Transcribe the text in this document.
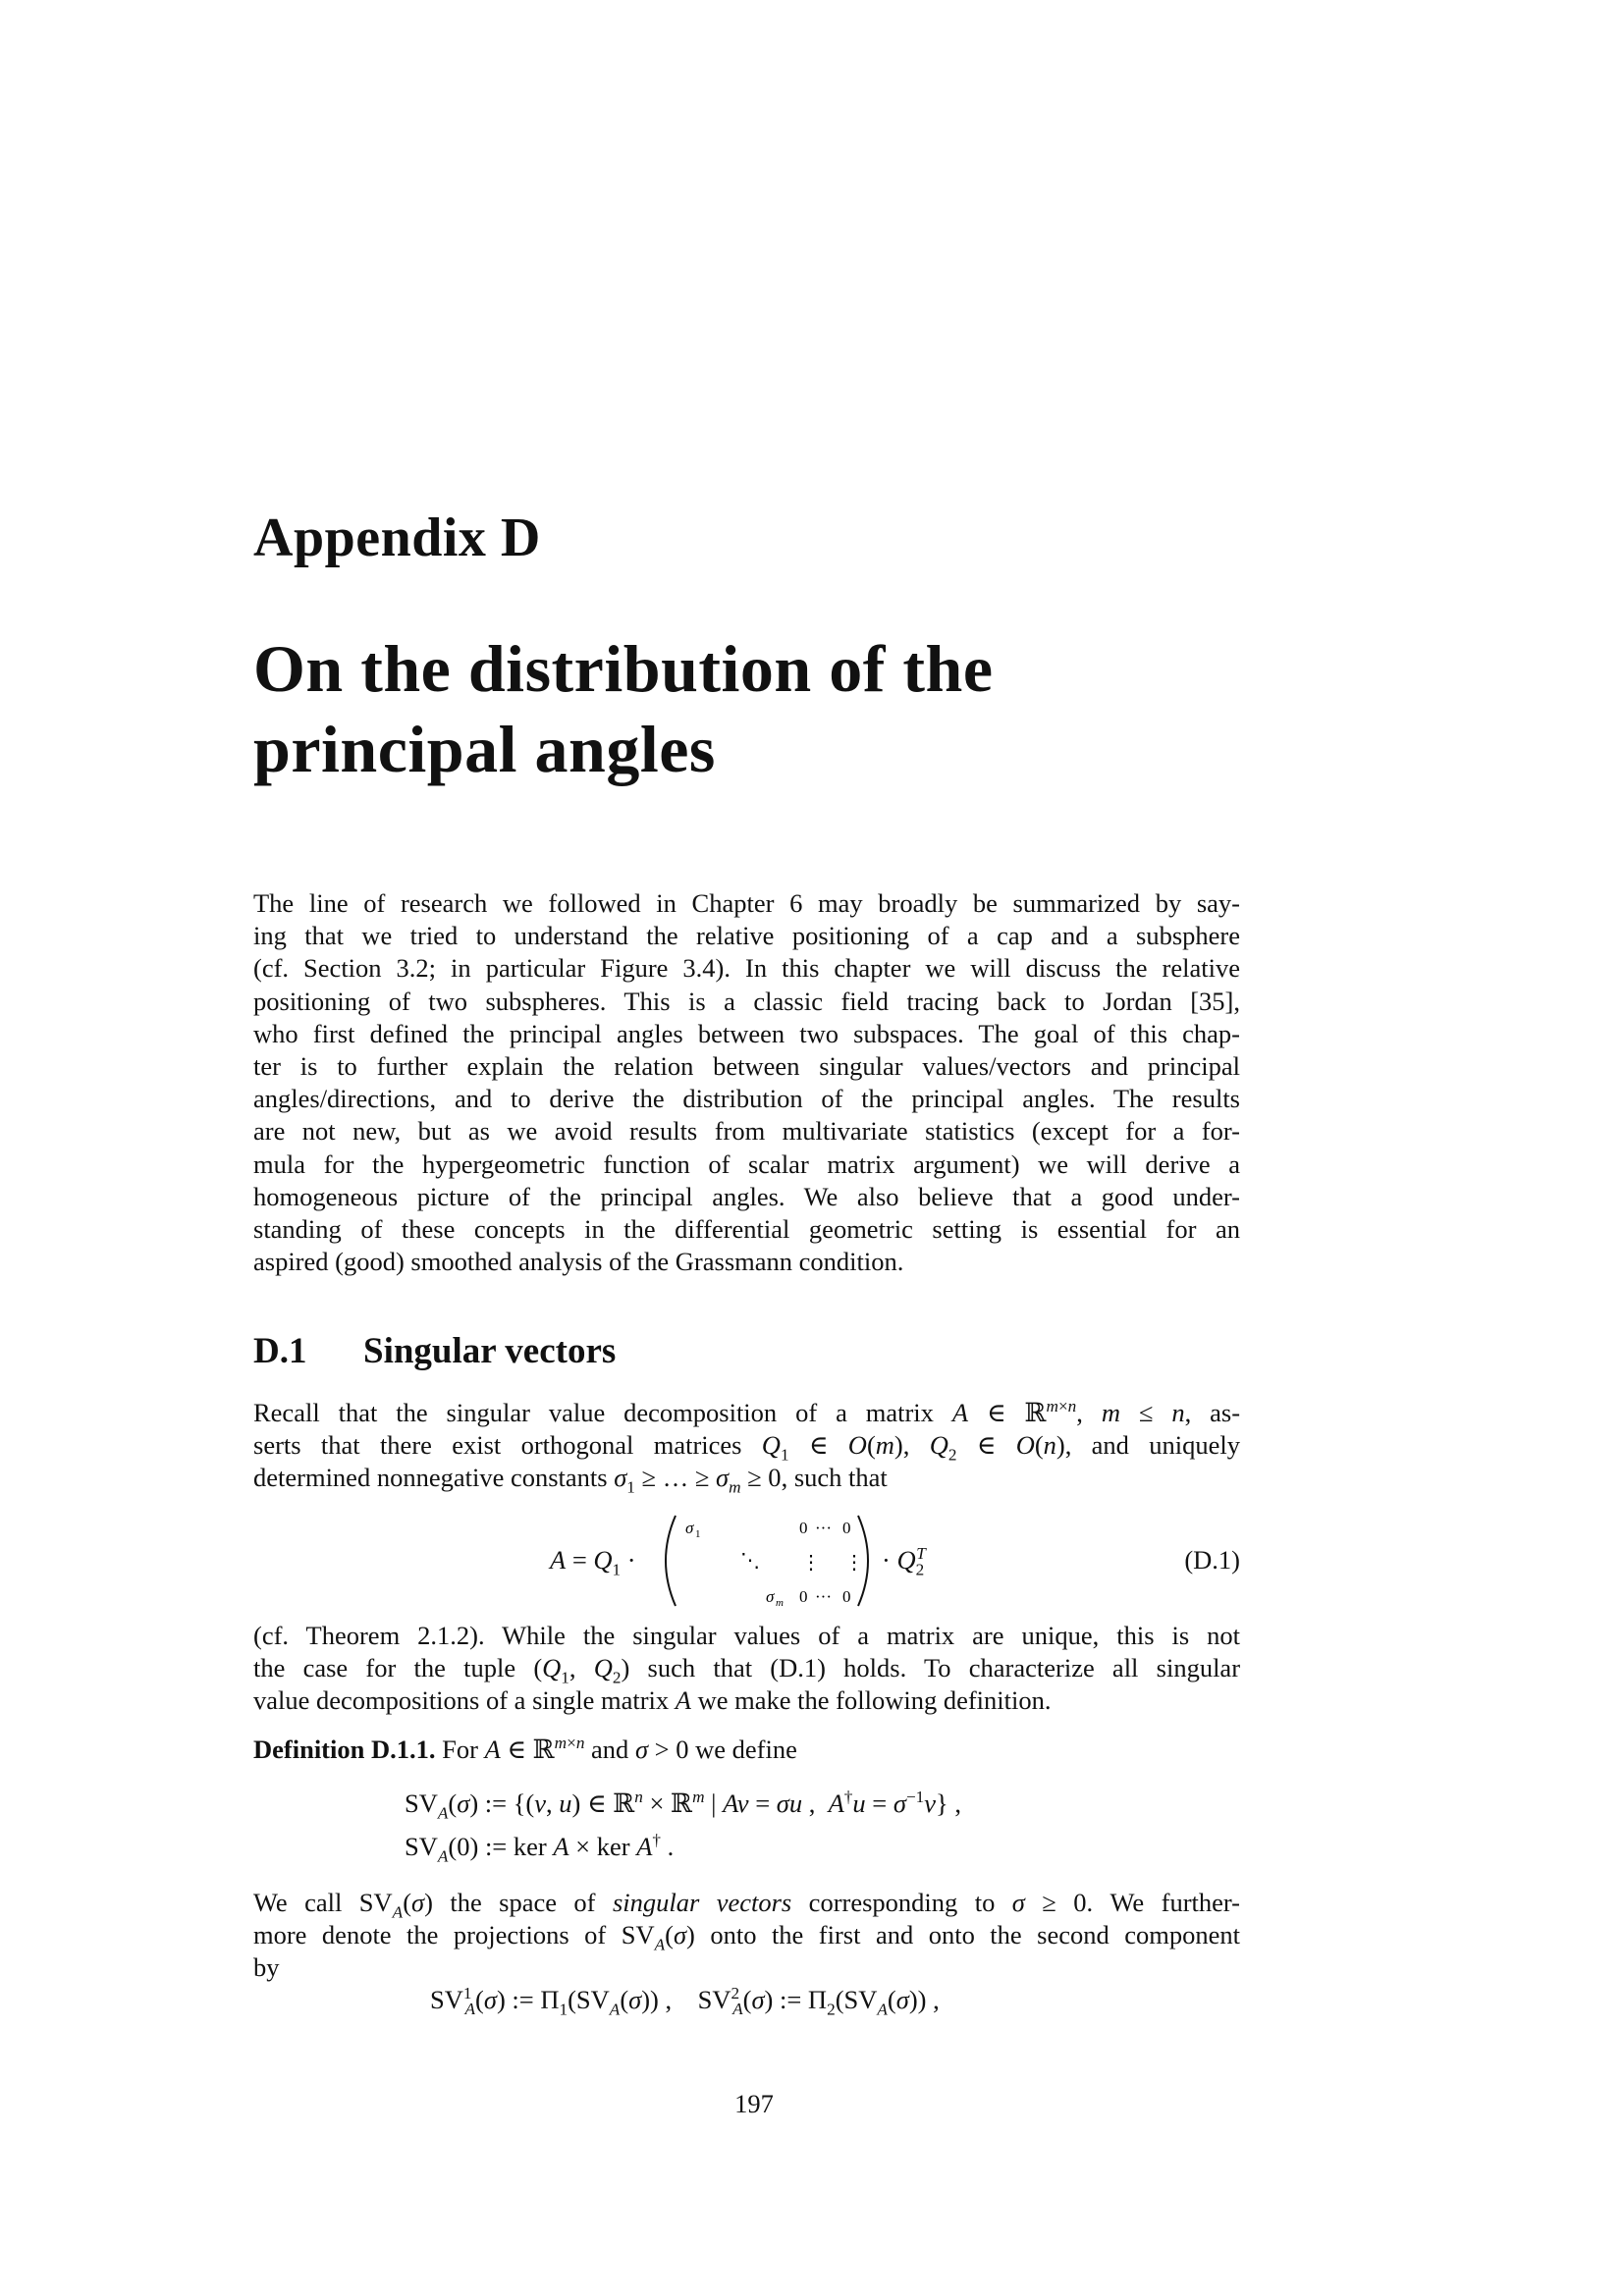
Appendix D
On the distribution of the principal angles
The line of research we followed in Chapter 6 may broadly be summarized by say-
ing that we tried to understand the relative positioning of a cap and a subsphere
(cf. Section 3.2; in particular Figure 3.4). In this chapter we will discuss the relative
positioning of two subspheres. This is a classic field tracing back to Jordan [35],
who first defined the principal angles between two subspaces. The goal of this chap-
ter is to further explain the relation between singular values/vectors and principal
angles/directions, and to derive the distribution of the principal angles. The results
are not new, but as we avoid results from multivariate statistics (except for a for-
mula for the hypergeometric function of scalar matrix argument) we will derive a
homogeneous picture of the principal angles. We also believe that a good under-
standing of these concepts in the differential geometric setting is essential for an
aspired (good) smoothed analysis of the Grassmann condition.
D.1 Singular vectors
Recall that the singular value decomposition of a matrix A ∈ ℝ$^{m\times n}$, m ≤ n, as-
serts that there exist orthogonal matrices $Q_1$ ∈ O(m), $Q_2$ ∈ O(n), and uniquely
determined nonnegative constants $\sigma_1$ ≥ … ≥ $\sigma_m \ge 0$, such that
$A = Q_1$ ·
σ 1	0 ··· 0
⋱ ⋮ ⋮
σ m 0 ··· 0
· $Q_2^T$	(D.1)
(cf. Theorem 2.1.2). While the singular values of a matrix are unique, this is not
the case for the tuple ($Q_1$, $Q_2$) such that (D.1) holds. To characterize all singular
value decompositions of a single matrix A we make the following definition.
Definition D.1.1. For A ∈ ℝ$^{m\times n}$ and σ > 0 we define
$SV_A(\sigma)$ := {(v, u) ∈ ℝ$^n$ × ℝ$^m$ | Av = σu ,  $A^\dagger u = \sigma^{-1}v$} ,
$SV_A(0)$ := ker A × ker A† .
We call $SV_A(\sigma)$ the space of singular vectors corresponding to σ ≥ 0. We further-
more denote the projections of $SV_A(\sigma)$ onto the first and onto the second component
by
$SV^1_A(\sigma)$ := $\Pi_1(SV_A(\sigma))$ ,    $SV^2_A(\sigma)$ := $\Pi_2(SV_A(\sigma))$ ,
197
